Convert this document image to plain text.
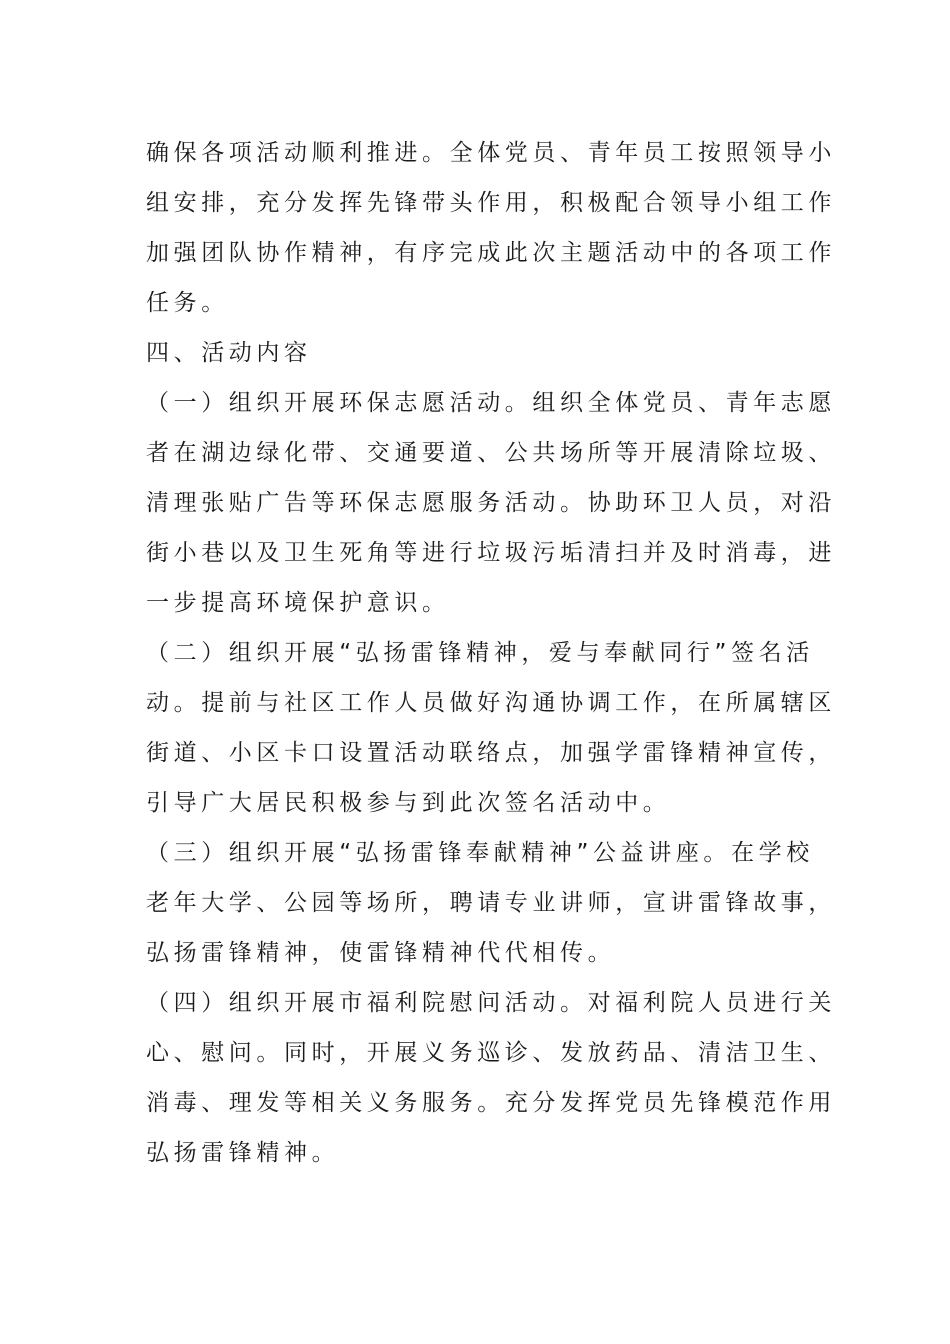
确保各项活动顺利推进。全体党员、青年员工按照领导小
组安排，充分发挥先锋带头作用，积极配合领导小组工作
加强团队协作精神，有序完成此次主题活动中的各项工作
任务。
四、活动内容
（一）组织开展环保志愿活动。组织全体党员、青年志愿
者在湖边绿化带、交通要道、公共场所等开展清除垃圾、
清理张贴广告等环保志愿服务活动。协助环卫人员，对沿
街小巷以及卫生死角等进行垃圾污垢清扫并及时消毒，进
一步提高环境保护意识。
（二）组织开展“弘扬雷锋精神，爱与奉献同行”签名活
动。提前与社区工作人员做好沟通协调工作，在所属辖区
街道、小区卡口设置活动联络点，加强学雷锋精神宣传，
引导广大居民积极参与到此次签名活动中。
（三）组织开展“弘扬雷锋奉献精神”公益讲座。在学校
老年大学、公园等场所，聘请专业讲师，宣讲雷锋故事，
弘扬雷锋精神，使雷锋精神代代相传。
（四）组织开展市福利院慰问活动。对福利院人员进行关
心、慰问。同时，开展义务巡诊、发放药品、清洁卫生、
消毒、理发等相关义务服务。充分发挥党员先锋模范作用
弘扬雷锋精神。
